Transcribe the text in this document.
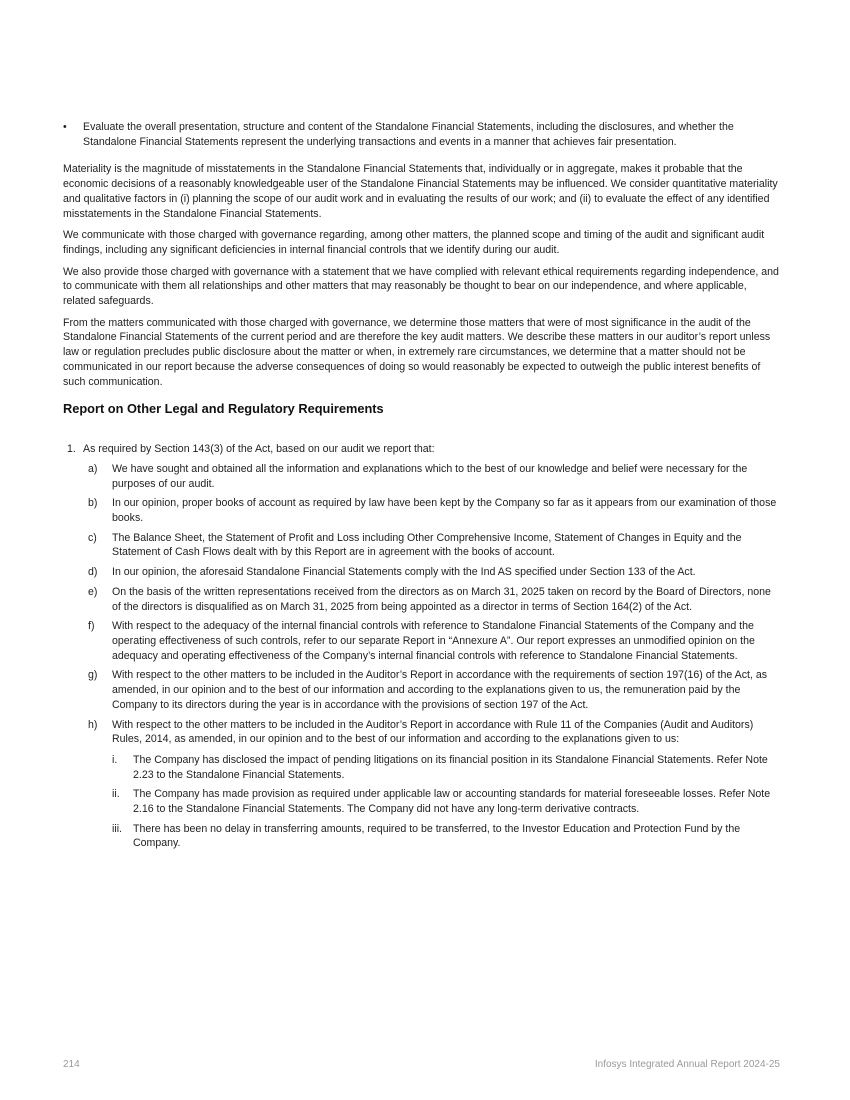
• Evaluate the overall presentation, structure and content of the Standalone Financial Statements, including the disclosures, and whether the Standalone Financial Statements represent the underlying transactions and events in a manner that achieves fair presentation.

Materiality is the magnitude of misstatements in the Standalone Financial Statements that, individually or in aggregate, makes it probable that the economic decisions of a reasonably knowledgeable user of the Standalone Financial Statements may be influenced. We consider quantitative materiality and qualitative factors in (i) planning the scope of our audit work and in evaluating the results of our work; and (ii) to evaluate the effect of any identified misstatements in the Standalone Financial Statements.

We communicate with those charged with governance regarding, among other matters, the planned scope and timing of the audit and significant audit findings, including any significant deficiencies in internal financial controls that we identify during our audit.

We also provide those charged with governance with a statement that we have complied with relevant ethical requirements regarding independence, and to communicate with them all relationships and other matters that may reasonably be thought to bear on our independence, and where applicable, related safeguards.

From the matters communicated with those charged with governance, we determine those matters that were of most significance in the audit of the Standalone Financial Statements of the current period and are therefore the key audit matters. We describe these matters in our auditor’s report unless law or regulation precludes public disclosure about the matter or when, in extremely rare circumstances, we determine that a matter should not be communicated in our report because the adverse consequences of doing so would reasonably be expected to outweigh the public interest benefits of such communication.

Report on Other Legal and Regulatory Requirements
1. As required by Section 143(3) of the Act, based on our audit we report that:
a) We have sought and obtained all the information and explanations which to the best of our knowledge and belief were necessary for the purposes of our audit.
b) In our opinion, proper books of account as required by law have been kept by the Company so far as it appears from our examination of those books.
c) The Balance Sheet, the Statement of Profit and Loss including Other Comprehensive Income, Statement of Changes in Equity and the Statement of Cash Flows dealt with by this Report are in agreement with the books of account.
d) In our opinion, the aforesaid Standalone Financial Statements comply with the Ind AS specified under Section 133 of the Act.
e) On the basis of the written representations received from the directors as on March 31, 2025 taken on record by the Board of Directors, none of the directors is disqualified as on March 31, 2025 from being appointed as a director in terms of Section 164(2) of the Act.
f) With respect to the adequacy of the internal financial controls with reference to Standalone Financial Statements of the Company and the operating effectiveness of such controls, refer to our separate Report in “Annexure A”. Our report expresses an unmodified opinion on the adequacy and operating effectiveness of the Company’s internal financial controls with reference to Standalone Financial Statements.
g) With respect to the other matters to be included in the Auditor’s Report in accordance with the requirements of section 197(16) of the Act, as amended, in our opinion and to the best of our information and according to the explanations given to us, the remuneration paid by the Company to its directors during the year is in accordance with the provisions of section 197 of the Act.
h) With respect to the other matters to be included in the Auditor’s Report in accordance with Rule 11 of the Companies (Audit and Auditors) Rules, 2014, as amended, in our opinion and to the best of our information and according to the explanations given to us:
i. The Company has disclosed the impact of pending litigations on its financial position in its Standalone Financial Statements. Refer Note 2.23 to the Standalone Financial Statements.
ii. The Company has made provision as required under applicable law or accounting standards for material foreseeable losses. Refer Note 2.16 to the Standalone Financial Statements. The Company did not have any long-term derivative contracts.
iii. There has been no delay in transferring amounts, required to be transferred, to the Investor Education and Protection Fund by the Company.
214	Infosys Integrated Annual Report 2024-25
